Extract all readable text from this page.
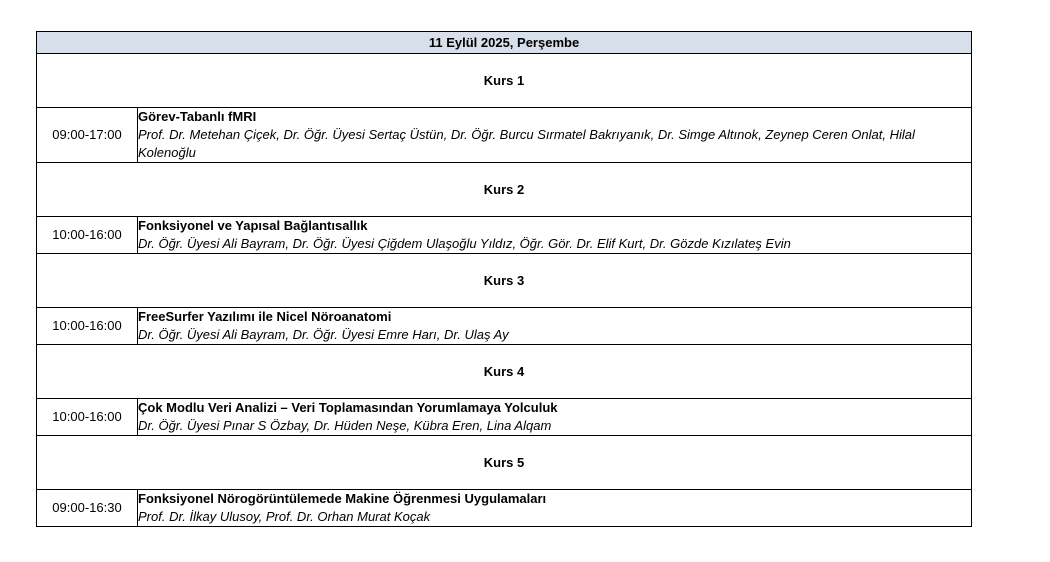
11 Eylül 2025, Perşembe	
Kurs 1	
09:00-17:00	Görev-Tabanlı fMRI
Prof. Dr. Metehan Çiçek, Dr. Öğr. Üyesi Sertaç Üstün, Dr. Öğr. Burcu Sırmatel Bakrıyanık, Dr. Simge Altınok, Zeynep Ceren Onlat, Hilal Kolenoğlu

Kurs 2	
10:00-16:00	Fonksiyonel ve Yapısal Bağlantısallık
Dr. Öğr. Üyesi Ali Bayram, Dr. Öğr. Üyesi Çiğdem Ulaşoğlu Yıldız, Öğr. Gör. Dr. Elif Kurt, Dr. Gözde Kızılateş Evin

Kurs 3	
10:00-16:00	FreeSurfer Yazılımı ile Nicel Nöroanatomi
Dr. Öğr. Üyesi Ali Bayram, Dr. Öğr. Üyesi Emre Harı, Dr. Ulaş Ay

Kurs 4	
10:00-16:00	Çok Modlu Veri Analizi – Veri Toplamasından Yorumlamaya Yolculuk
Dr. Öğr. Üyesi Pınar S Özbay, Dr. Hüden Neşe, Kübra Eren, Lina Alqam

Kurs 5	
09:00-16:30	Fonksiyonel Nörogörüntülemede Makine Öğrenmesi Uygulamaları
Prof. Dr. İlkay Ulusoy, Prof. Dr. Orhan Murat Koçak
